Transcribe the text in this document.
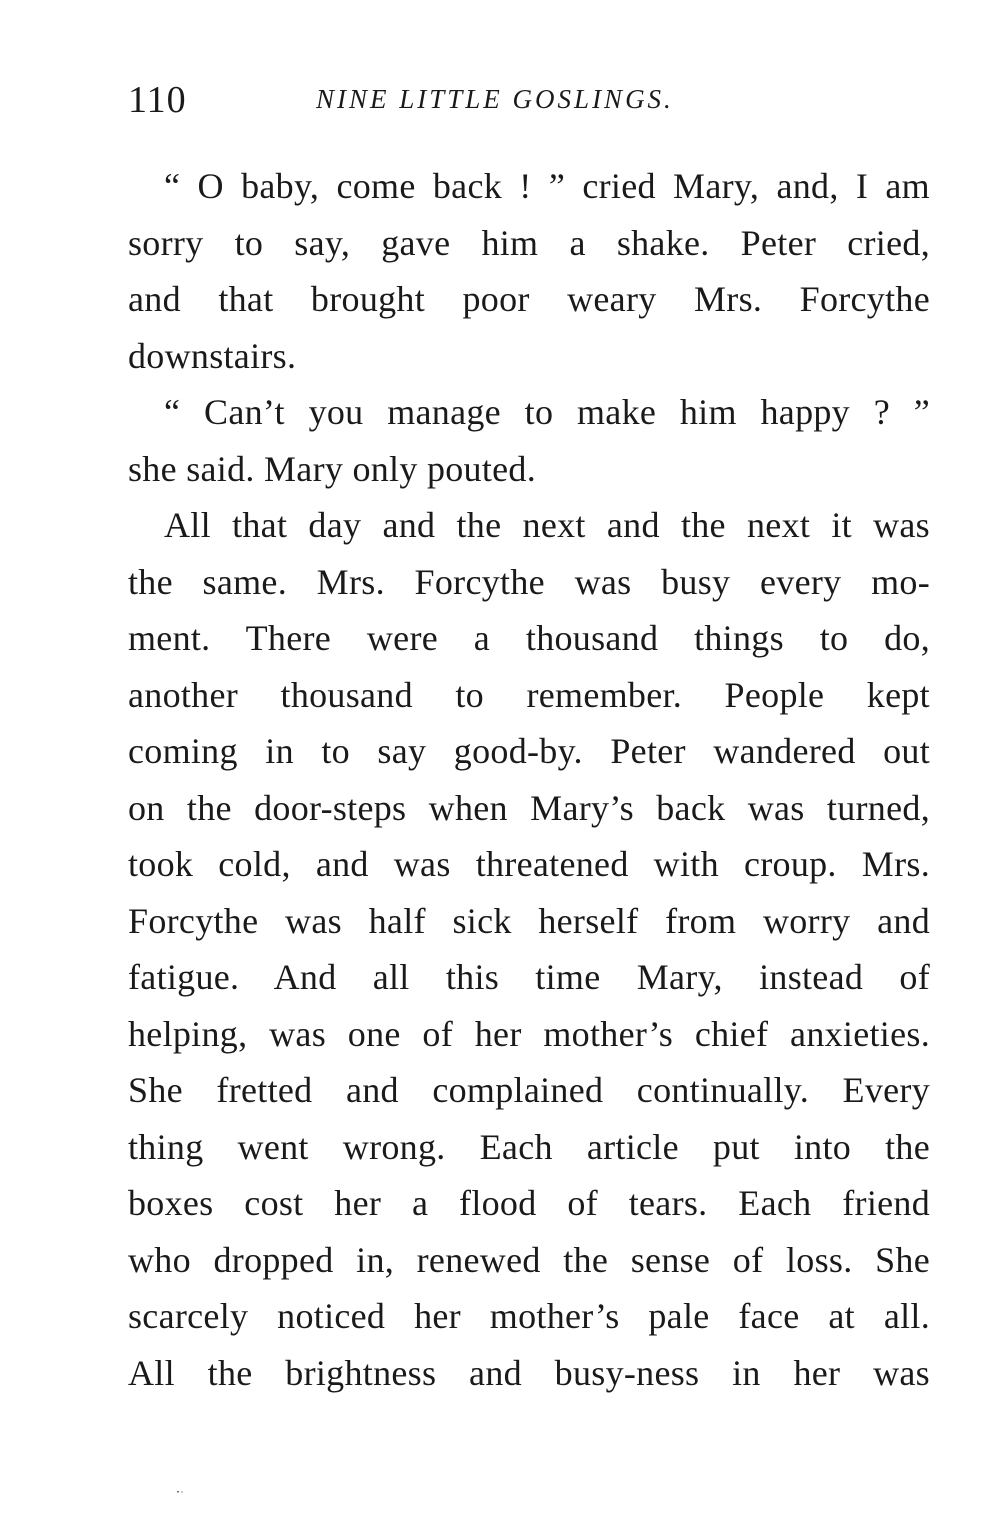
110	NINE LITTLE GOSLINGS.
“ O baby, come back ! ” cried Mary, and, I am
sorry to say, gave him a shake. Peter cried,
and that brought poor weary Mrs. Forcythe
downstairs.
“ Can’t you manage to make him happy ? ”
she said. Mary only pouted.
All that day and the next and the next it was
the same. Mrs. Forcythe was busy every mo-
ment. There were a thousand things to do,
another thousand to remember. People kept
coming in to say good-by. Peter wandered out
on the door-steps when Mary’s back was turned,
took cold, and was threatened with croup. Mrs.
Forcythe was half sick herself from worry and
fatigue. And all this time Mary, instead of
helping, was one of her mother’s chief anxieties.
She fretted and complained continually. Every
thing went wrong. Each article put into the
boxes cost her a flood of tears. Each friend
who dropped in, renewed the sense of loss. She
scarcely noticed her mother’s pale face at all.
All the brightness and busy-ness in her was
